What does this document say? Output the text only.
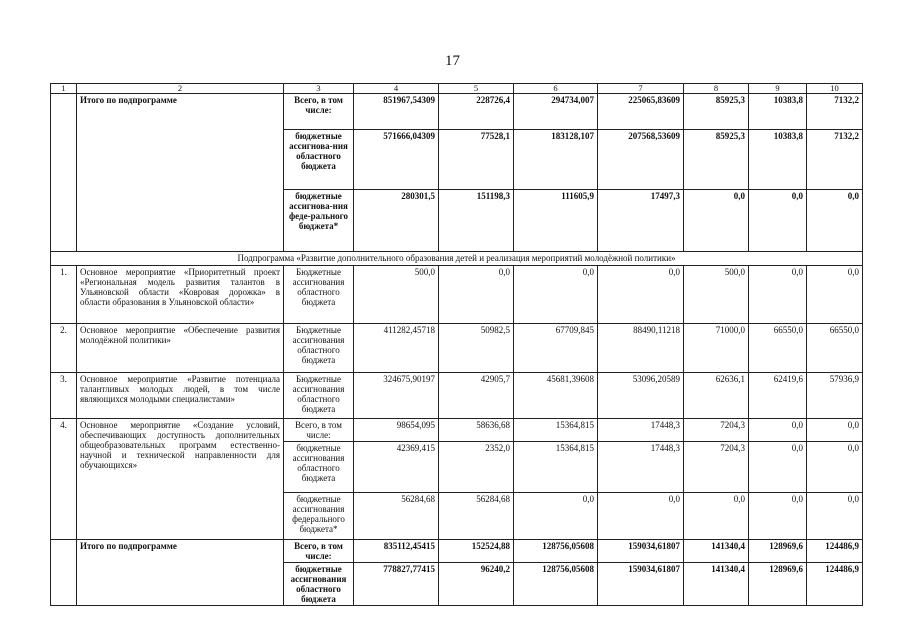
17
1	2	3	4	5	6	7	8	9	10
	Итого по подпрограмме	Всего, в том числе:	851967,54309	228726,4	294734,007	225065,83609	85925,3	10383,8	7132,2
		бюджетные ассигнова-ния областного бюджета	571666,04309	77528,1	183128,107	207568,53609	85925,3	10383,8	7132,2
		бюджетные ассигнова-ния феде-рального бюджета*	280301,5	151198,3	111605,9	17497,3	0,0	0,0	0,0
Подпрограмма «Развитие дополнительного образования детей и реализация мероприятий молодёжной политики»									
1.	Основное мероприятие «Приоритетный проект «Региональная модель развития талантов в Ульяновской области «Ковровая дорожка» в области образования в Ульяновской области»	Бюджетные ассигнования областного бюджета	500,0	0,0	0,0	0,0	500,0	0,0	0,0
2.	Основное мероприятие «Обеспечение развития молодёжной политики»	Бюджетные ассигнования областного бюджета	411282,45718	50982,5	67709,845	88490,11218	71000,0	66550,0	66550,0
3.	Основное мероприятие «Развитие потенциала талантливых молодых людей, в том числе являющихся молодыми специалистами»	Бюджетные ассигнования областного бюджета	324675,90197	42905,7	45681,39608	53096,20589	62636,1	62419,6	57936,9
4.	Основное мероприятие «Создание условий, обеспечивающих доступность дополнительных общеобразовательных программ естественно-научной и технической направленности для обучающихся»	Всего, в том числе:	98654,095	58636,68	15364,815	17448,3	7204,3	0,0	0,0
		бюджетные ассигнования областного бюджета	42369,415	2352,0	15364,815	17448,3	7204,3	0,0	0,0
		бюджетные ассигнования федерального бюджета*	56284,68	56284,68	0,0	0,0	0,0	0,0	0,0
	Итого по подпрограмме	Всего, в том числе:	835112,45415	152524,88	128756,05608	159034,61807	141340,4	128969,6	124486,9
		бюджетные ассигнования областного бюджета	778827,77415	96240,2	128756,05608	159034,61807	141340,4	128969,6	124486,9
